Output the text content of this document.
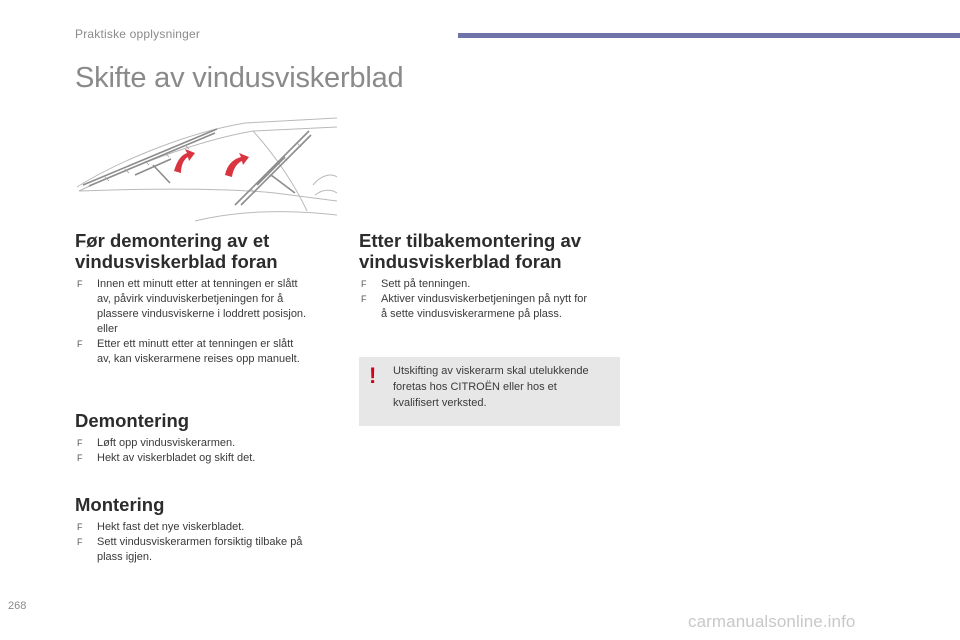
Praktiske opplysninger
Skifte av vindusviskerblad
Før demontering av et
vindusviskerblad foran
F Innen ett minutt etter at tenningen er slått
av, påvirk vinduviskerbetjeningen for å
plassere vindusviskerne i loddrett posisjon.
eller
F Etter ett minutt etter at tenningen er slått
av, kan viskerarmene reises opp manuelt.
Demontering
F Løft opp vindusviskerarmen.
F Hekt av viskerbladet og skift det.
Montering
F Hekt fast det nye viskerbladet.
F Sett vindusviskerarmen forsiktig tilbake på
plass igjen.
Etter tilbakemontering av
vindusviskerblad foran
F Sett på tenningen.
F Aktiver vindusviskerbetjeningen på nytt for
å sette vindusviskerarmene på plass.
! Utskifting av viskerarm skal utelukkende
foretas hos CITROËN eller hos et
kvalifisert verksted.
268
carmanualsonline.info
